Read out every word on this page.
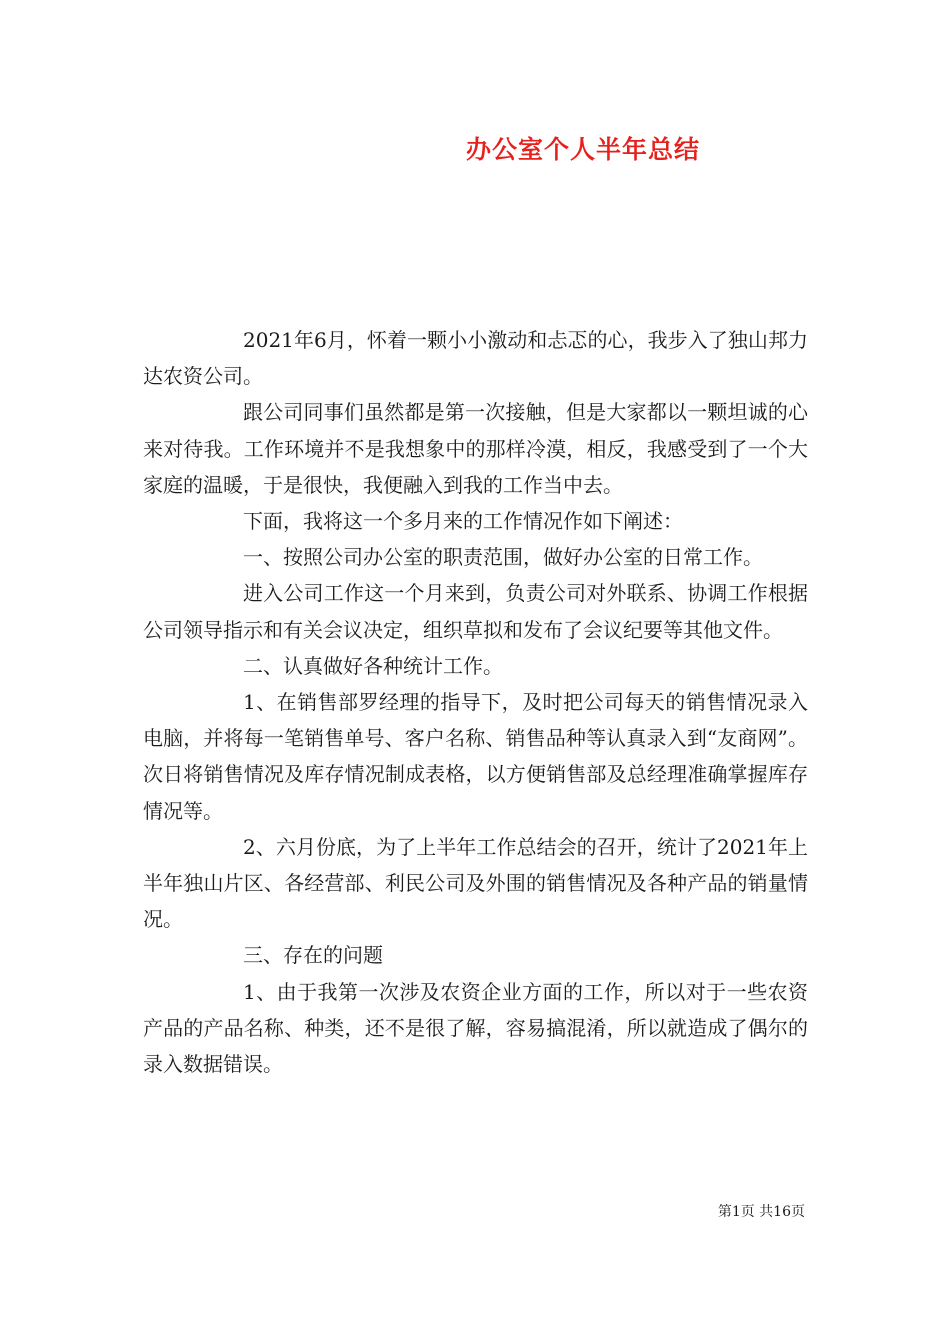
办公室个人半年总结

2021年6月，怀着一颗小小激动和忐忑的心，我步入了独山邦力达农资公司。

跟公司同事们虽然都是第一次接触，但是大家都以一颗坦诚的心来对待我。工作环境并不是我想象中的那样冷漠，相反，我感受到了一个大家庭的温暖，于是很快，我便融入到我的工作当中去。

下面，我将这一个多月来的工作情况作如下阐述：

一、按照公司办公室的职责范围，做好办公室的日常工作。

进入公司工作这一个月来到，负责公司对外联系、协调工作根据公司领导指示和有关会议决定，组织草拟和发布了会议纪要等其他文件。

二、认真做好各种统计工作。

1、在销售部罗经理的指导下，及时把公司每天的销售情况录入电脑，并将每一笔销售单号、客户名称、销售品种等认真录入到“友商网”。次日将销售情况及库存情况制成表格，以方便销售部及总经理准确掌握库存情况等。

2、六月份底，为了上半年工作总结会的召开，统计了2021年上半年独山片区、各经营部、利民公司及外围的销售情况及各种产品的销量情况。

三、存在的问题

1、由于我第一次涉及农资企业方面的工作，所以对于一些农资产品的产品名称、种类，还不是很了解，容易搞混淆，所以就造成了偶尔的录入数据错误。

第1页 共16页
